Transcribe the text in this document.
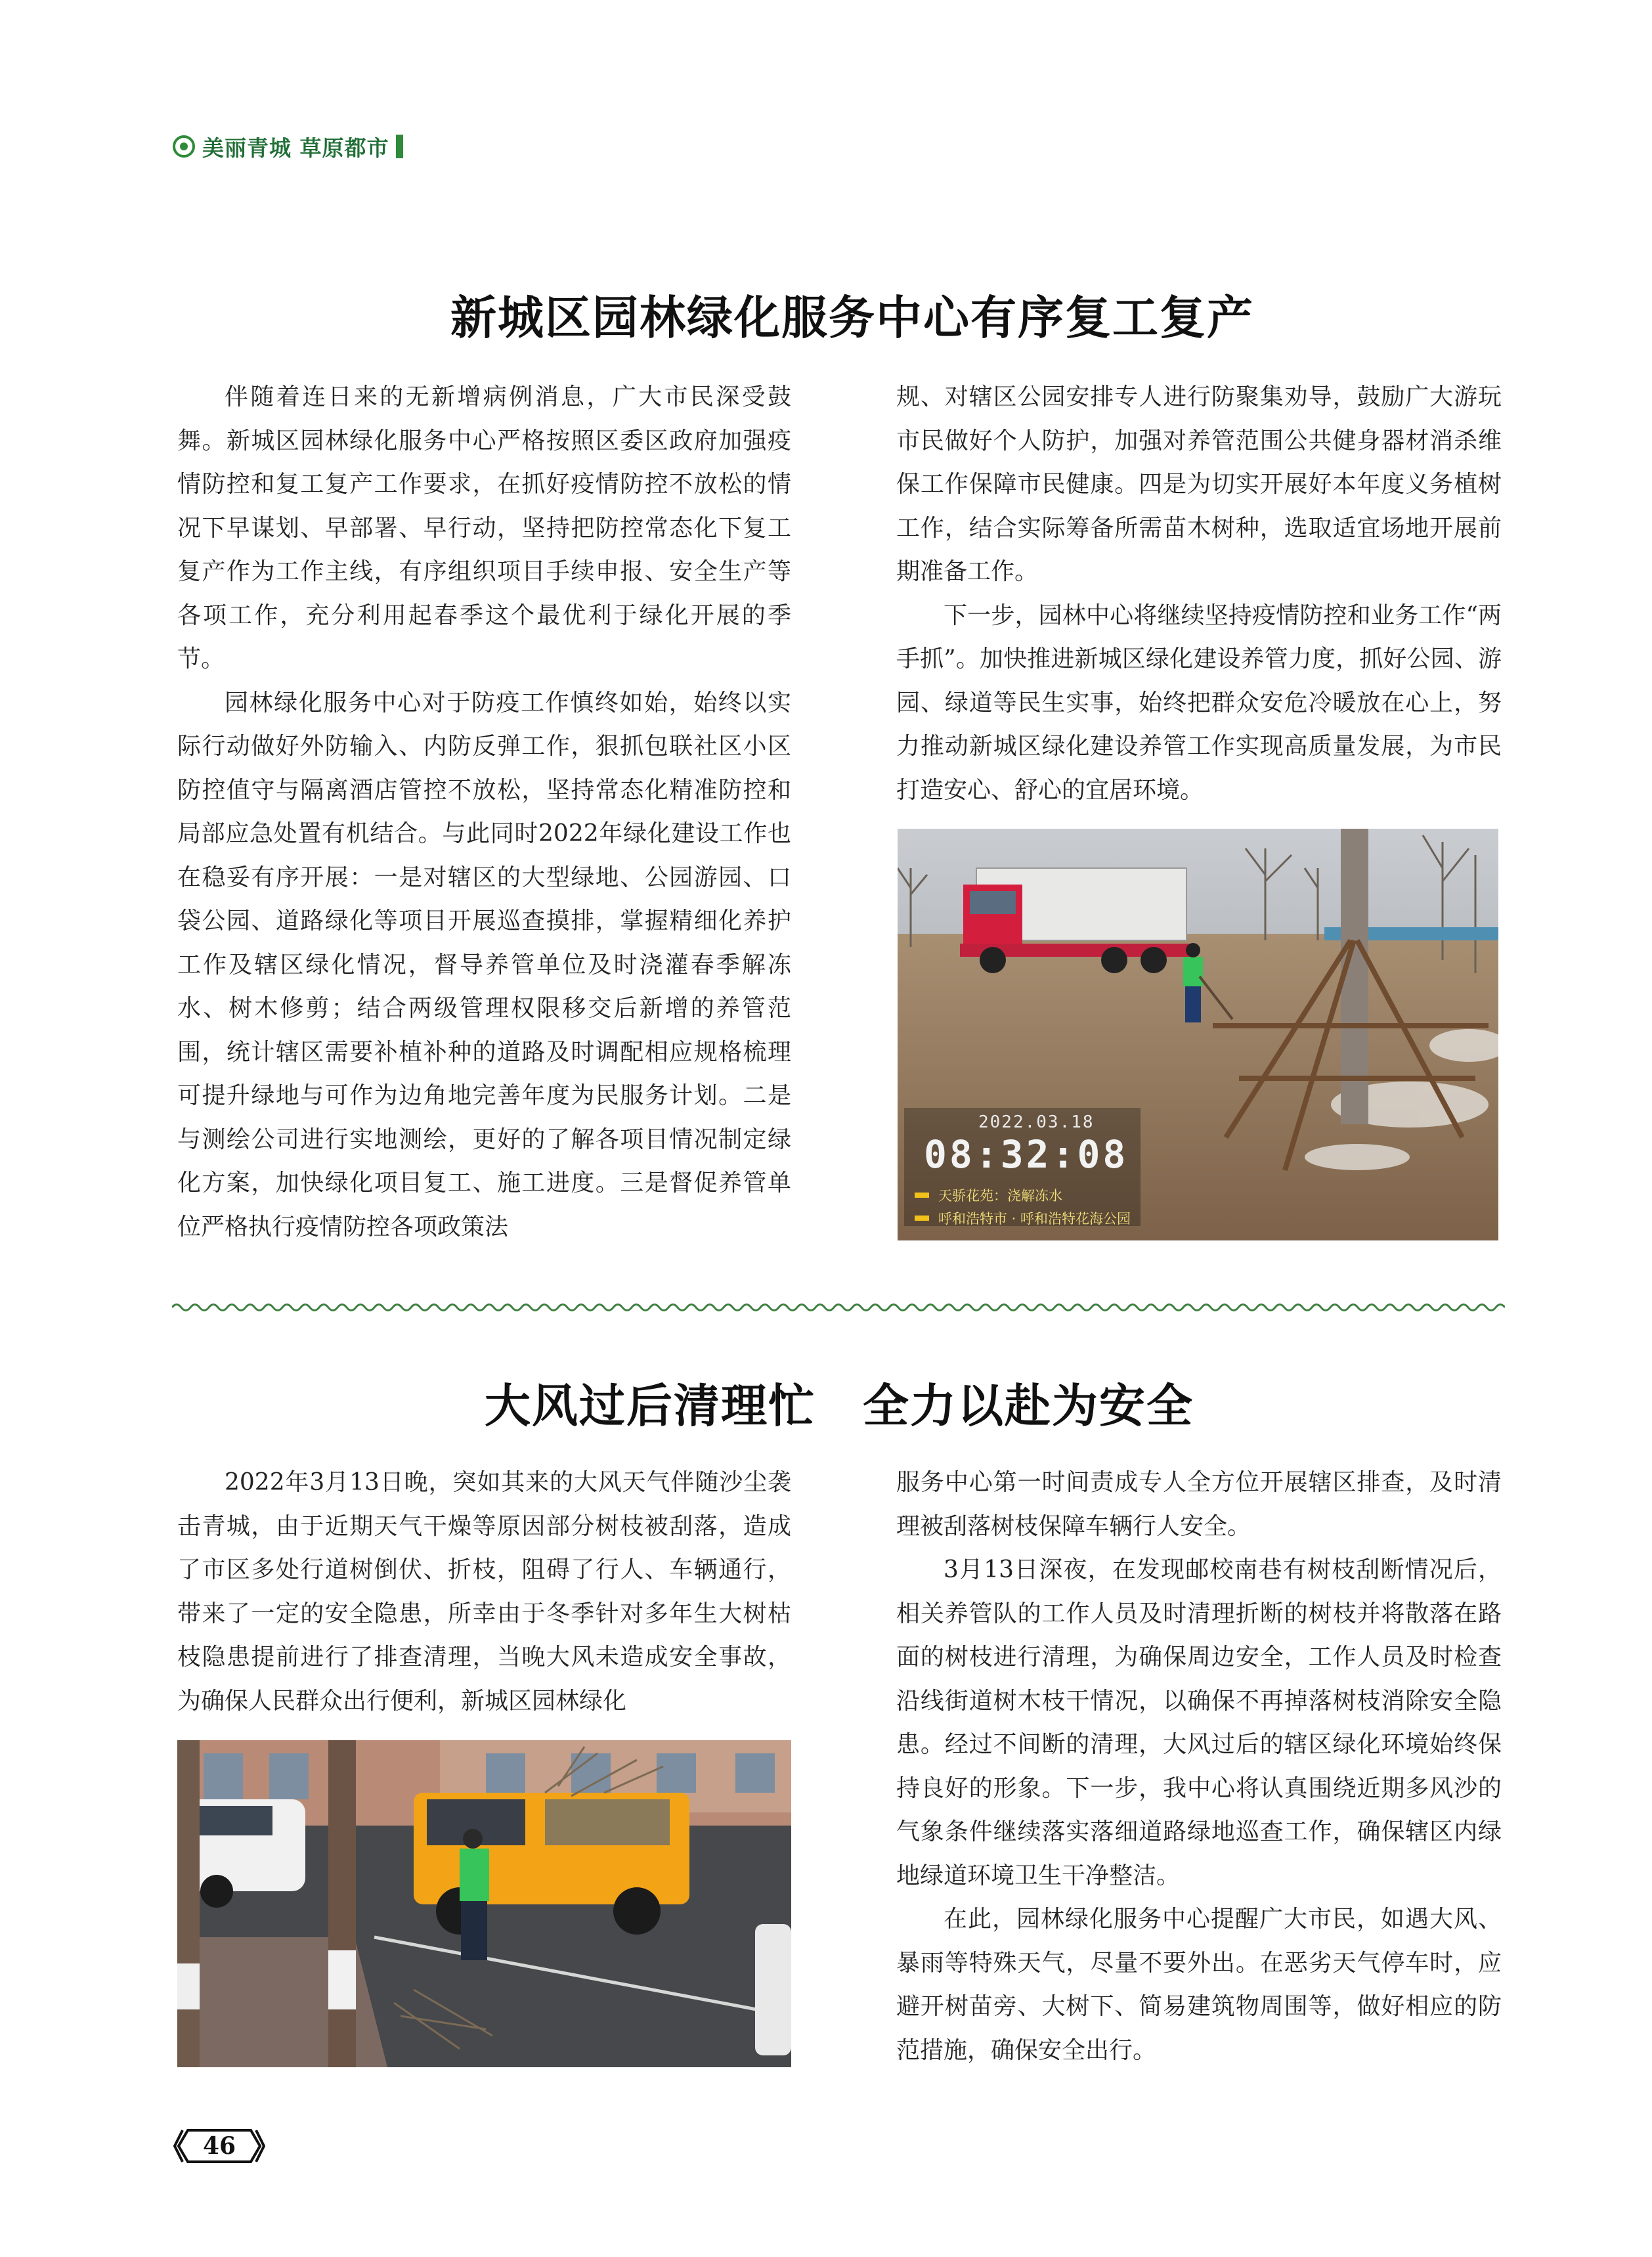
美丽青城 草原都市
新城区园林绿化服务中心有序复工复产

伴随着连日来的无新增病例消息，广大市民深受鼓舞。新城区园林绿化服务中心严格按照区委区政府加强疫情防控和复工复产工作要求，在抓好疫情防控不放松的情况下早谋划、早部署、早行动，坚持把防控常态化下复工复产作为工作主线，有序组织项目手续申报、安全生产等各项工作，充分利用起春季这个最优利于绿化开展的季节。

园林绿化服务中心对于防疫工作慎终如始，始终以实际行动做好外防输入、内防反弹工作，狠抓包联社区小区防控值守与隔离酒店管控不放松，坚持常态化精准防控和局部应急处置有机结合。与此同时2022年绿化建设工作也在稳妥有序开展：一是对辖区的大型绿地、公园游园、口袋公园、道路绿化等项目开展巡查摸排，掌握精细化养护工作及辖区绿化情况，督导养管单位及时浇灌春季解冻水、树木修剪；结合两级管理权限移交后新增的养管范围，统计辖区需要补植补种的道路及时调配相应规格梳理可提升绿地与可作为边角地完善年度为民服务计划。二是与测绘公司进行实地测绘，更好的了解各项目情况制定绿化方案，加快绿化项目复工、施工进度。三是督促养管单位严格执行疫情防控各项政策法

规、对辖区公园安排专人进行防聚集劝导，鼓励广大游玩市民做好个人防护，加强对养管范围公共健身器材消杀维保工作保障市民健康。四是为切实开展好本年度义务植树工作，结合实际筹备所需苗木树种，选取适宜场地开展前期准备工作。

下一步，园林中心将继续坚持疫情防控和业务工作“两手抓”。加快推进新城区绿化建设养管力度，抓好公园、游园、绿道等民生实事，始终把群众安危冷暖放在心上，努力推动新城区绿化建设养管工作实现高质量发展，为市民打造安心、舒心的宜居环境。

2022.03.18
08:32:08
天骄花苑：浇解冻水
呼和浩特市 · 呼和浩特花海公园
大风过后清理忙　全力以赴为安全

2022年3月13日晚，突如其来的大风天气伴随沙尘袭击青城，由于近期天气干燥等原因部分树枝被刮落，造成了市区多处行道树倒伏、折枝，阻碍了行人、车辆通行，带来了一定的安全隐患，所幸由于冬季针对多年生大树枯枝隐患提前进行了排查清理，当晚大风未造成安全事故，为确保人民群众出行便利，新城区园林绿化

服务中心第一时间责成专人全方位开展辖区排查，及时清理被刮落树枝保障车辆行人安全。

3月13日深夜，在发现邮校南巷有树枝刮断情况后，相关养管队的工作人员及时清理折断的树枝并将散落在路面的树枝进行清理，为确保周边安全，工作人员及时检查沿线街道树木枝干情况，以确保不再掉落树枝消除安全隐患。经过不间断的清理，大风过后的辖区绿化环境始终保持良好的形象。下一步，我中心将认真围绕近期多风沙的气象条件继续落实落细道路绿地巡查工作，确保辖区内绿地绿道环境卫生干净整洁。

在此，园林绿化服务中心提醒广大市民，如遇大风、暴雨等特殊天气，尽量不要外出。在恶劣天气停车时，应避开树苗旁、大树下、简易建筑物周围等，做好相应的防范措施，确保安全出行。

46
